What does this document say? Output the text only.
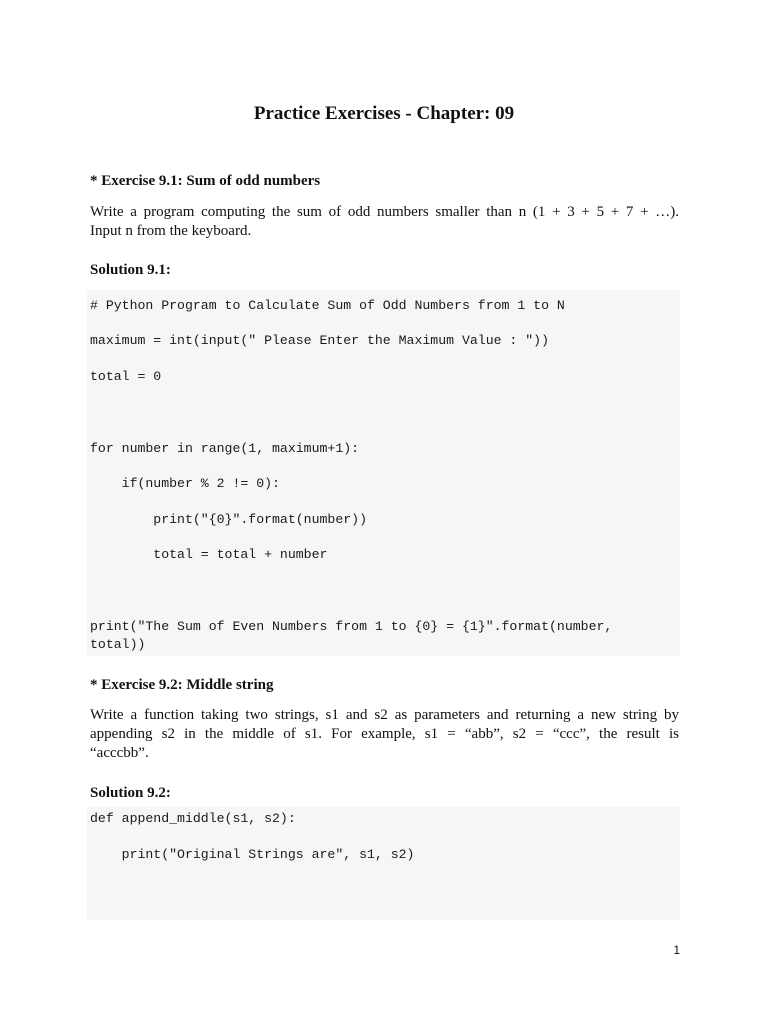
Practice Exercises - Chapter: 09
* Exercise 9.1: Sum of odd numbers
Write a program computing the sum of odd numbers smaller than n (1 + 3 + 5 + 7 + …).
Input n from the keyboard.
Solution 9.1:
# Python Program to Calculate Sum of Odd Numbers from 1 to N
maximum = int(input(" Please Enter the Maximum Value : "))
total = 0
for number in range(1, maximum+1):
if(number % 2 != 0):
print("{0}".format(number))
total = total + number
print("The Sum of Even Numbers from 1 to {0} = {1}".format(number,
total))
* Exercise 9.2: Middle string
Write a function taking two strings, s1 and s2 as parameters and returning a new string by
appending s2 in the middle of s1. For example, s1 = “abb”, s2 = “ccc”, the result is
“acccbb”.
Solution 9.2:
def append_middle(s1, s2):
print("Original Strings are", s1, s2)
1
